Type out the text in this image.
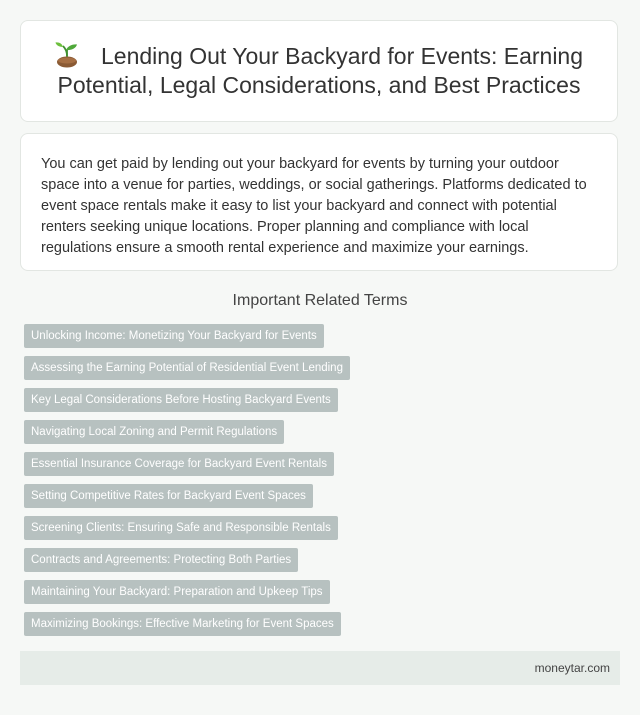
Lending Out Your Backyard for Events: Earning Potential, Legal Considerations, and Best Practices

You can get paid by lending out your backyard for events by turning your outdoor space into a venue for parties, weddings, or social gatherings. Platforms dedicated to event space rentals make it easy to list your backyard and connect with potential renters seeking unique locations. Proper planning and compliance with local regulations ensure a smooth rental experience and maximize your earnings.

Important Related Terms
Unlocking Income: Monetizing Your Backyard for Events
Assessing the Earning Potential of Residential Event Lending
Key Legal Considerations Before Hosting Backyard Events
Navigating Local Zoning and Permit Regulations
Essential Insurance Coverage for Backyard Event Rentals
Setting Competitive Rates for Backyard Event Spaces
Screening Clients: Ensuring Safe and Responsible Rentals
Contracts and Agreements: Protecting Both Parties
Maintaining Your Backyard: Preparation and Upkeep Tips
Maximizing Bookings: Effective Marketing for Event Spaces
moneytar.com
